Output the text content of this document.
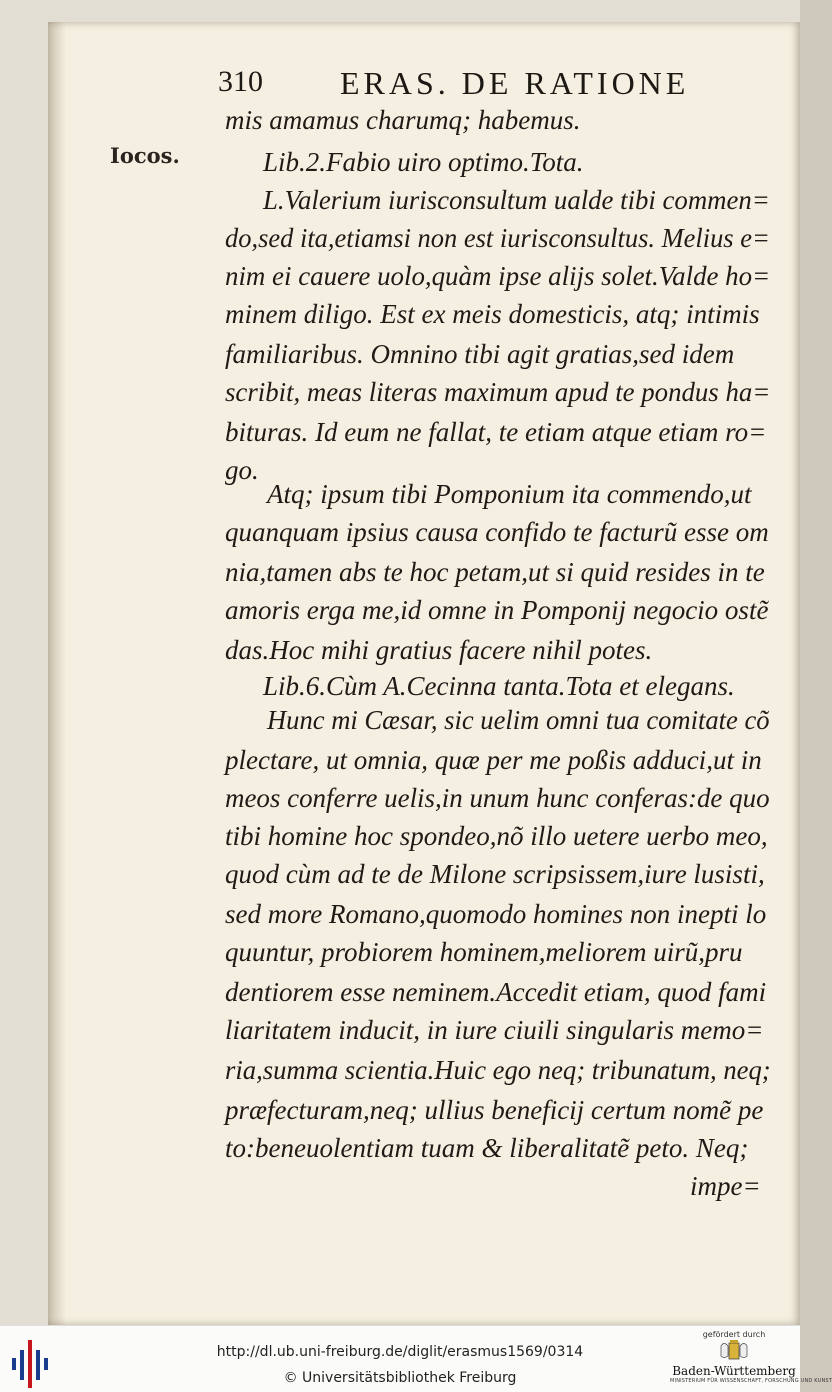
310 ERAS. DE RATIONE
Iocos.
mis amamus charumq; habemus.
Lib.2.Fabio uiro optimo.Tota.
L.Valerium iurisconsultum ualde tibi commen=
do,sed ita,etiamsi non est iurisconsultus. Melius e=
nim ei cauere uolo,quàm ipse alijs solet.Valde ho=
minem diligo. Est ex meis domesticis, atq; intimis
familiaribus. Omnino tibi agit gratias,sed idem
scribit, meas literas maximum apud te pondus ha=
bituras. Id eum ne fallat, te etiam atque etiam ro=
go.
Atq; ipsum tibi Pomponium ita commendo,ut
quanquam ipsius causa confido te facturũ esse om
nia,tamen abs te hoc petam,ut si quid resides in te
amoris erga me,id omne in Pomponij negocio ostẽ
das.Hoc mihi gratius facere nihil potes.
Lib.6.Cùm A.Cecinna tanta.Tota et elegans.
Hunc mi Cæsar, sic uelim omni tua comitate cõ
plectare, ut omnia, quæ per me poßis adduci,ut in
meos conferre uelis,in unum hunc conferas:de quo
tibi homine hoc spondeo,nõ illo uetere uerbo meo,
quod cùm ad te de Milone scripsissem,iure lusisti,
sed more Romano,quomodo homines non inepti lo
quuntur, probiorem hominem,meliorem uirũ,pru
dentiorem esse neminem.Accedit etiam, quod fami
liaritatem inducit, in iure ciuili singularis memo=
ria,summa scientia.Huic ego neq; tribunatum, neq;
præfecturam,neq; ullius beneficij certum nomẽ pe
to:beneuolentiam tuam & liberalitatẽ peto. Neq;
impe=
http://dl.ub.uni-freiburg.de/diglit/erasmus1569/0314
© Universitätsbibliothek Freiburg
gefördert durch
Baden-Württemberg
MINISTERIUM FÜR WISSENSCHAFT, FORSCHUNG UND KUNST
